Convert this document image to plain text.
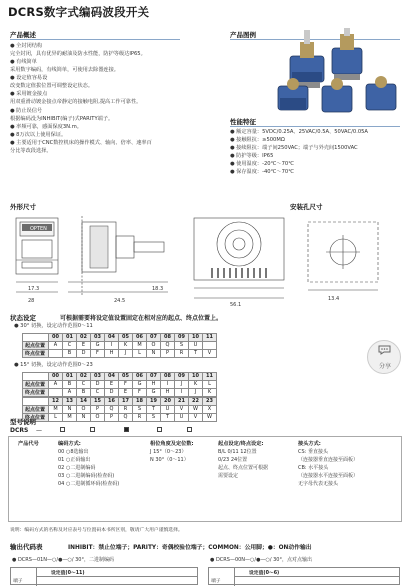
DCRS数字式编码波段开关
产品概述
● 全封闭结构
完全封闭，具有优异的耐油及防水性能，防护等级达IP65。
● 有线简单
采用数字编码，有线简单，可使用去除器连接。
● 设定值容易设
改变数定值拔位置可调整设定状态。
● 采用镀金接点
用双重滑动镀金接点帝静定的接触电阻,提高工作可靠性。
● 防止误信号
根据编码没为INHIBIT(编子)式PARITY端子。
● 率频可靠，感面保度3N.m。
● 8万次以上使用保证。
● 主要适用于CNC数控机床的操作模式、轴向、倍率、速率百
分比等改段选择。
产品图例
性能特征
● 额定容量：5VDC/0.25A、25VAC/0.5A、50VAC/0.05A
● 接触阻抗：≥500MΩ
● 接续阻抗：端子间250VAC；端子与外壳间1500VAC
● 防护等级：IP65
● 使用温度：-20℃～70℃
● 保存温度：-40℃～70℃
外形尺寸	安装孔尺寸
OPTEN
17.3
28	24.5
18.3
56.1
13.4
状态设定	可根据需要将设定值设置固定在相对应的起点、终点位置上。
● 30° 切换，设定动作范围0～11
	00	01	02	03	04	05	06	07	08	09	10	11
起点位置	A	C	E	G	I	K	M	O	Q	S	U	
终点位置		B	D	F	H	J	L	N	P	R	T	V
● 15° 切换，设定动作范围0～23
	00	01	02	03	04	05	06	07	08	09	10	11
起点位置	A	B	C	D	E	F	G	H	I	J	K	L
终点位置		A	B	C	D	E	F	G	H	I	J	K
	12	13	14	15	16	17	18	19	20	21	22	23
起点位置	M	N	O	P	Q	R	S	T	U	V	W	X
终点位置	L	M	N	O	P	Q	R	S	T	U	V	W
分享
型号说明
DCRS —

产品代号	编码方式:
00 ○8选输出
01 ○正码输出
02 ○二进制编码
03 ○二进制编码(检查码)
04 ○二进制循环码(检查码)
相位角度及定位数:
J 15°（0～23）
N 30°（0～11）
起点设定/终点设定:
B/L 0/11 12位置
0/23 24位置
起点、终点位置可根据
需要设定
接头方式:
CS: 垂直接头
（连接器垂直连接至面板）
CB: 水平接头
（连接器水平连接至面板）
无字母代表无接头
说明：编码方式的名称及对应表号与位置码本书所区别，敬请广大用户谨慎选择。
输出代码表	INHIBIT：禁止位端子；PARITY：奇偶校验位端子；COMMON：公用脚；●：ON动作输出
● DCRS—01N—○/●—○/ 30°，二进制编码	● DCRS—00N—○/●—○/ 30°，点对点输出
端子
设定值(0～11)
端子
设定值(0～6)
